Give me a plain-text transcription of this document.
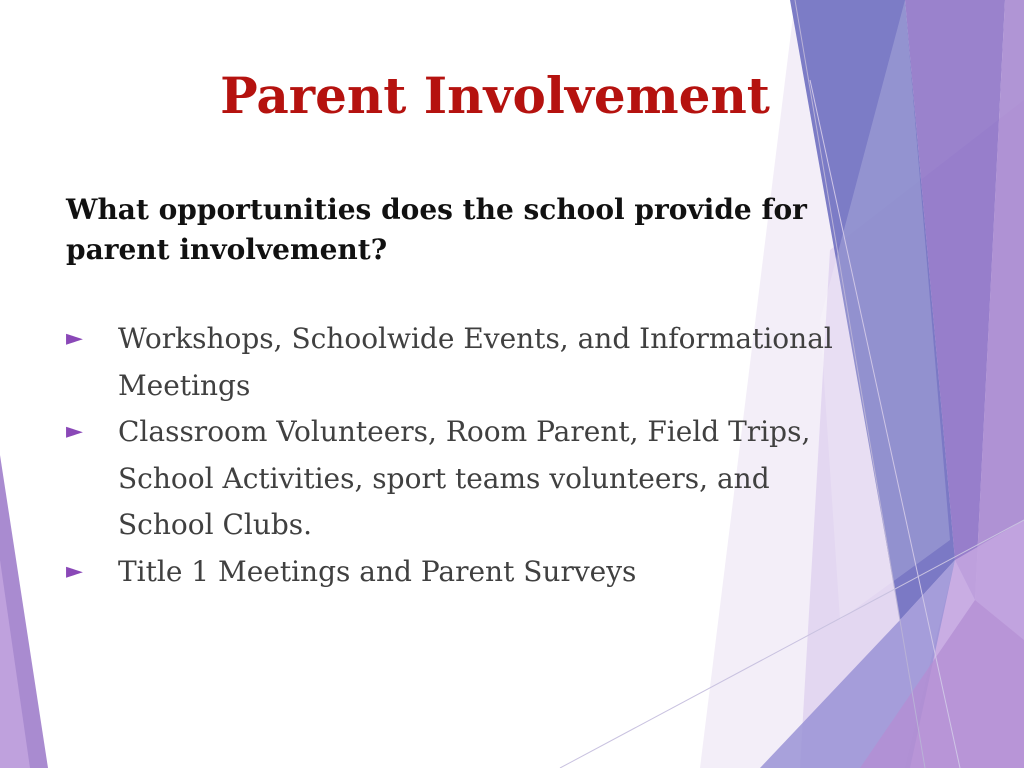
Parent Involvement

What opportunities does the school provide for parent involvement?

►	Workshops, Schoolwide Events, and Informational Meetings
►	Classroom Volunteers, Room Parent, Field Trips, School Activities, sport teams volunteers, and School Clubs.
►	Title 1 Meetings and Parent Surveys
